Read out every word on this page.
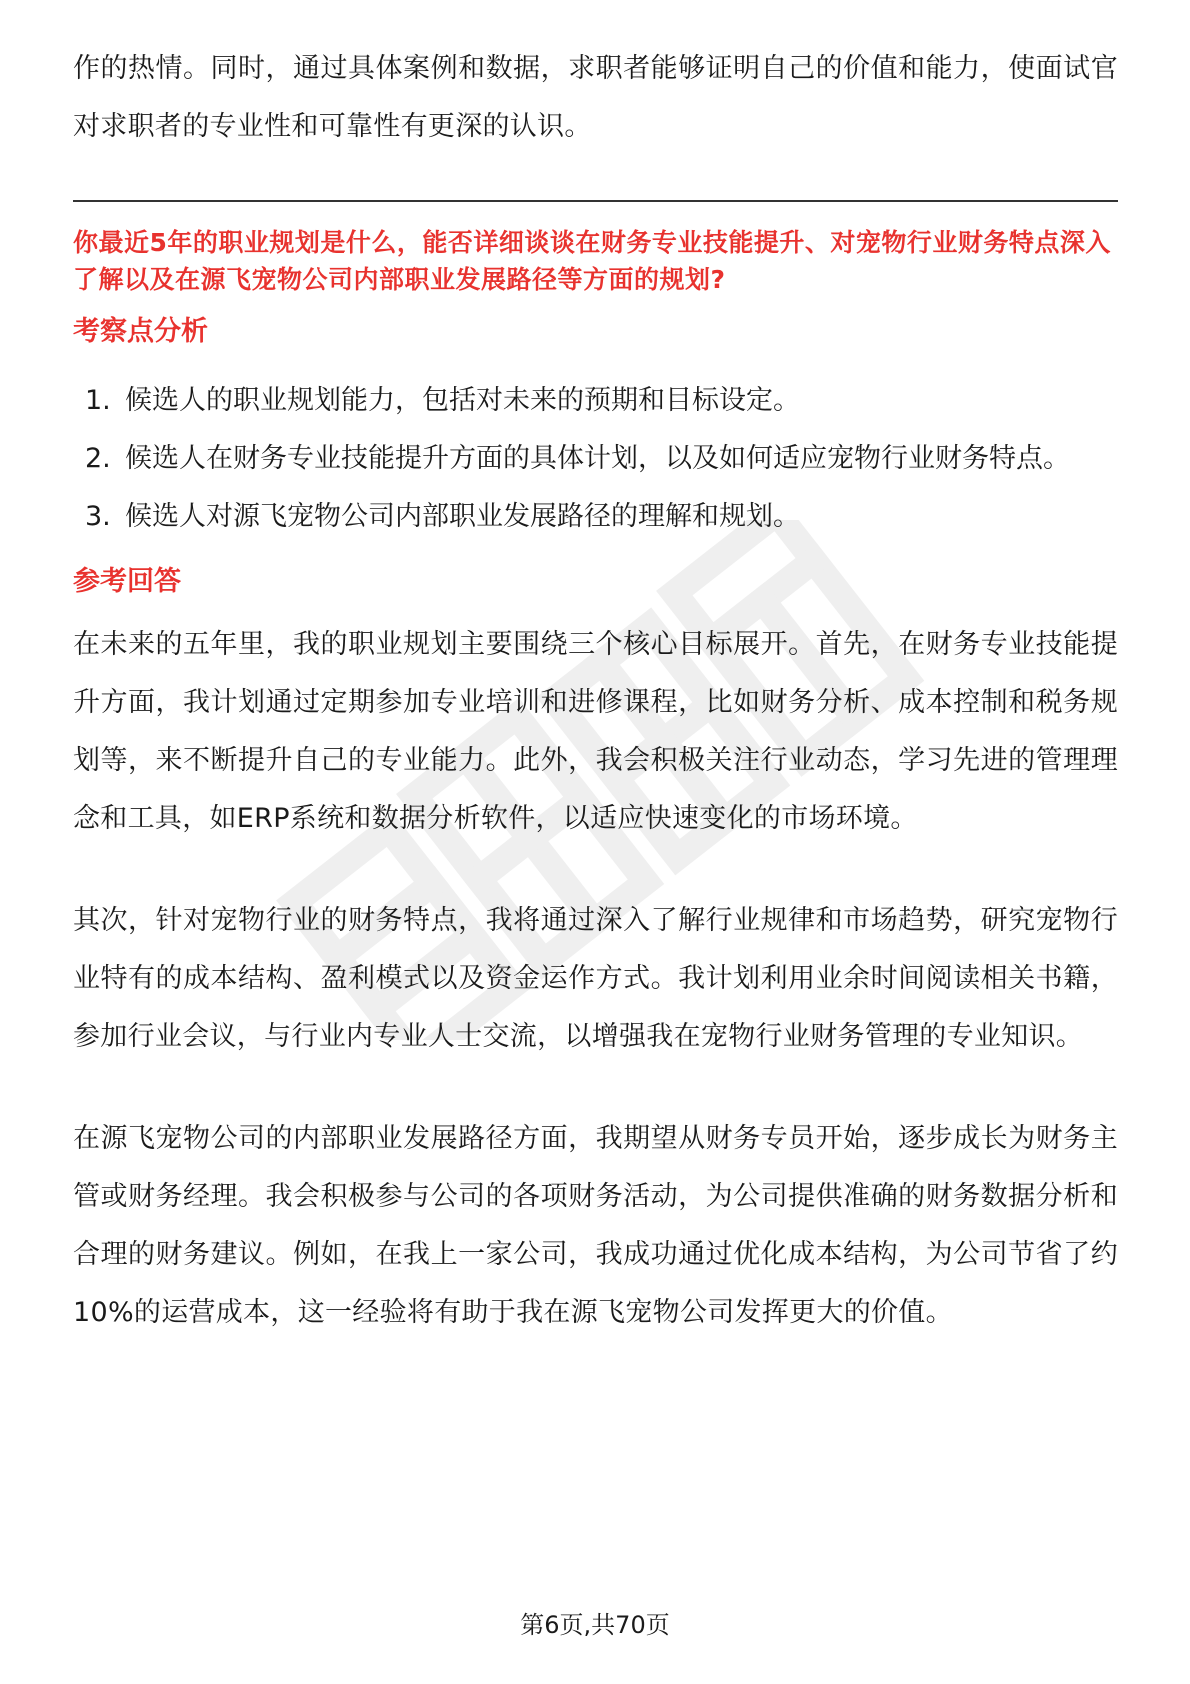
作的热情。同时，通过具体案例和数据，求职者能够证明自己的价值和能力，使面试官对求职者的专业性和可靠性有更深的认识。

你最近5年的职业规划是什么，能否详细谈谈在财务专业技能提升、对宠物行业财务特点深入了解以及在源飞宠物公司内部职业发展路径等方面的规划?

考察点分析
1. 候选人的职业规划能力，包括对未来的预期和目标设定。
2. 候选人在财务专业技能提升方面的具体计划，以及如何适应宠物行业财务特点。
3. 候选人对源飞宠物公司内部职业发展路径的理解和规划。
参考回答

在未来的五年里，我的职业规划主要围绕三个核心目标展开。首先，在财务专业技能提升方面，我计划通过定期参加专业培训和进修课程，比如财务分析、成本控制和税务规划等，来不断提升自己的专业能力。此外，我会积极关注行业动态，学习先进的管理理念和工具，如ERP系统和数据分析软件，以适应快速变化的市场环境。

其次，针对宠物行业的财务特点，我将通过深入了解行业规律和市场趋势，研究宠物行业特有的成本结构、盈利模式以及资金运作方式。我计划利用业余时间阅读相关书籍，参加行业会议，与行业内专业人士交流，以增强我在宠物行业财务管理的专业知识。

在源飞宠物公司的内部职业发展路径方面，我期望从财务专员开始，逐步成长为财务主管或财务经理。我会积极参与公司的各项财务活动，为公司提供准确的财务数据分析和合理的财务建议。例如，在我上一家公司，我成功通过优化成本结构，为公司节省了约10%的运营成本，这一经验将有助于我在源飞宠物公司发挥更大的价值。

第6页,共70页
